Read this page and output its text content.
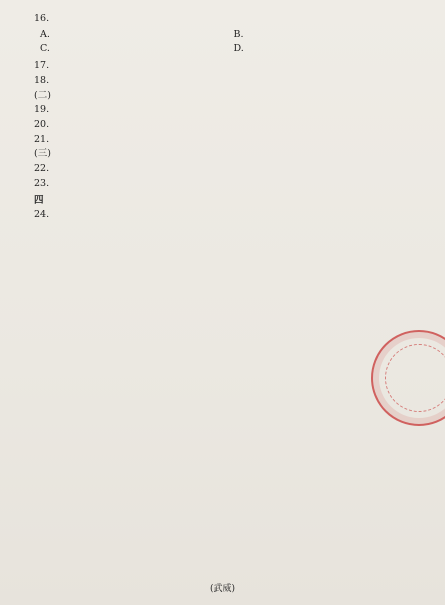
16.

A.	B.
C.	D.

17.

18.

(二)

19.

20.

21.

(三)

22.

23.

四

24.

(武威)
